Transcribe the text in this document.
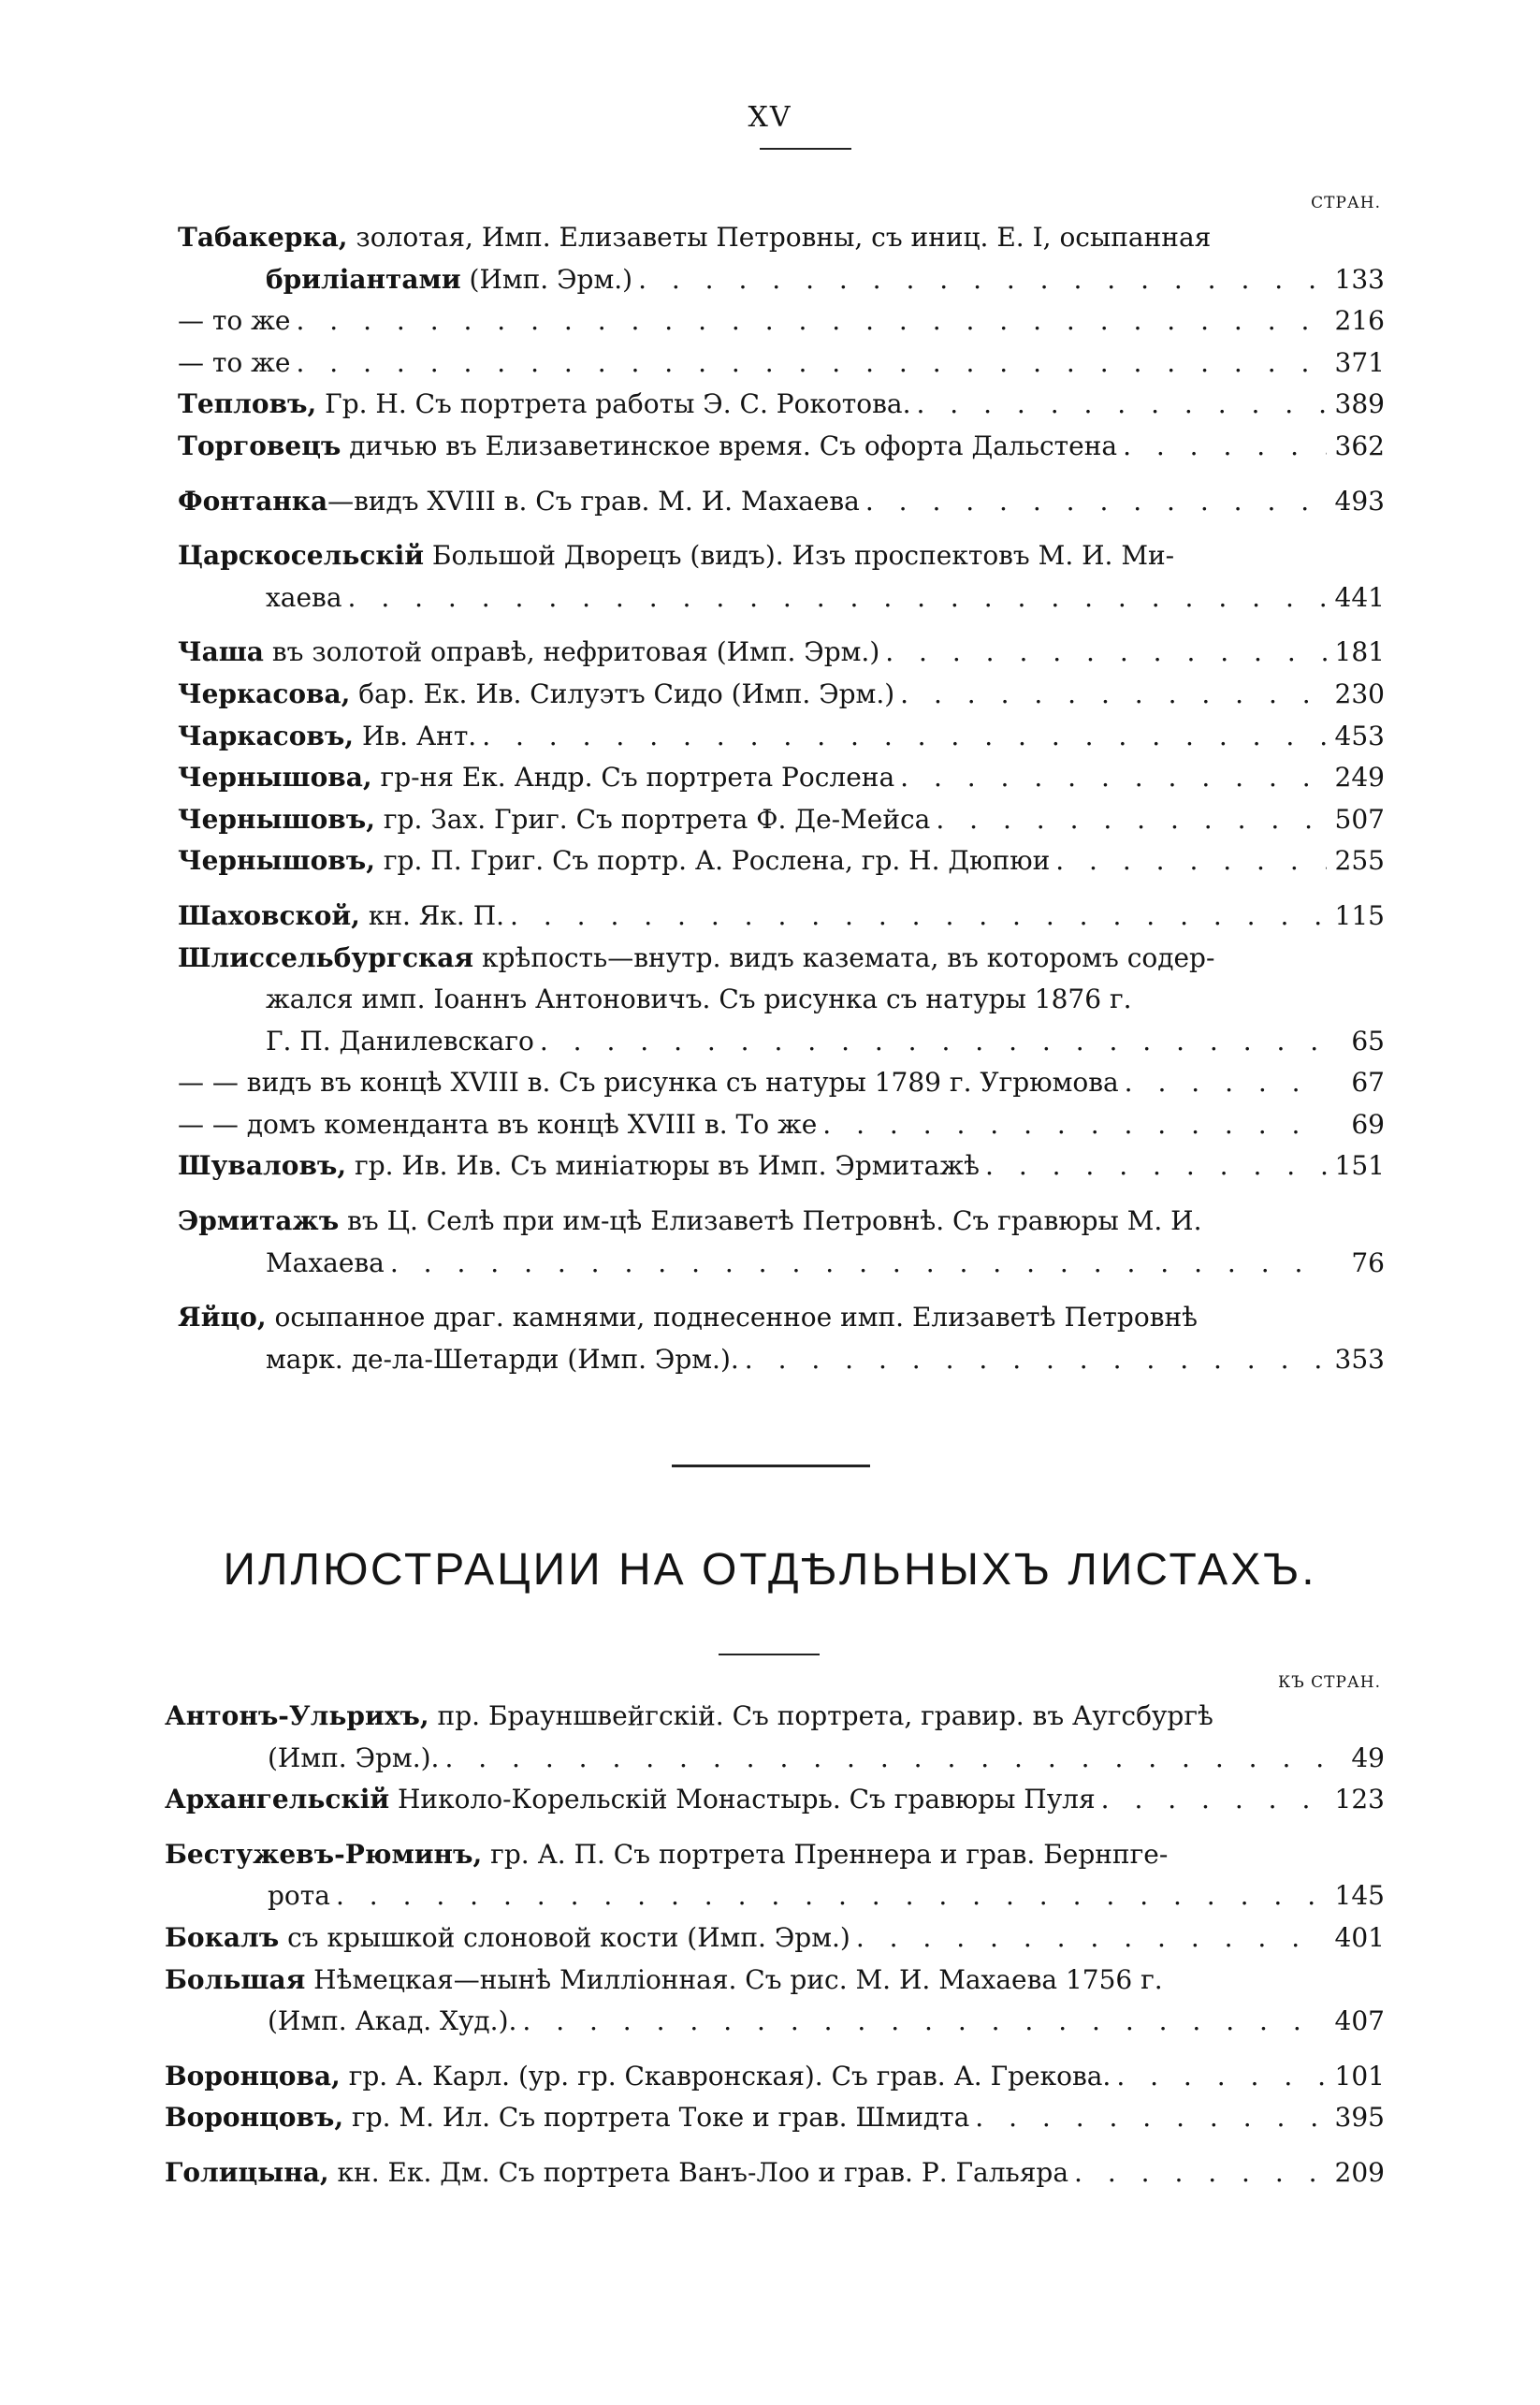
XV
СТРАН.
Табакерка, золотая, Имп. Елизаветы Петровны, съ иниц. Е. I, осыпанная
бриліантами (Имп. Эрм.) . . .	133
— то же . . .	216
— то же . . .	371
Тепловъ, Гр. Н. Съ портрета работы Э. С. Рокотова. . . .	389
Торговецъ дичью въ Елизаветинское время. Съ офорта Дальстена . . .	362
Фонтанка—видъ XVIII в. Съ грав. М. И. Махаева . . .	493
Царскосельскій Большой Дворецъ (видъ). Изъ проспектовъ М. И. Ми-
хаева . . .	441
Чаша въ золотой оправѣ, нефритовая (Имп. Эрм.) . . .	181
Черкасова, бар. Ек. Ив. Силуэтъ Сидо (Имп. Эрм.) . . .	230
Чаркасовъ, Ив. Ант. . . .	453
Чернышова, гр-ня Ек. Андр. Съ портрета Рослена . . .	249
Чернышовъ, гр. Зах. Григ. Съ портрета Ф. Де-Мейса . . .	507
Чернышовъ, гр. П. Григ. Съ портр. А. Рослена, гр. Н. Дюпюи . . .	255
Шаховской, кн. Як. П. . . .	115
Шлиссельбургская крѣпость—внутр. видъ каземата, въ которомъ содер-
жался имп. Іоаннъ Антоновичъ. Съ рисунка съ натуры 1876 г.
Г. П. Данилевскаго . . .	65
— — видъ въ концѣ XVIII в. Съ рисунка съ натуры 1789 г. Угрюмова . . .	67
— — домъ коменданта въ концѣ XVIII в. То же . . .	69
Шуваловъ, гр. Ив. Ив. Съ миніатюры въ Имп. Эрмитажѣ . . .	151
Эрмитажъ въ Ц. Селѣ при им-цѣ Елизаветѣ Петровнѣ. Съ гравюры М. И.
Махаева . . .	76
Яйцо, осыпанное драг. камнями, поднесенное имп. Елизаветѣ Петровнѣ
марк. де-ла-Шетарди (Имп. Эрм.). . . .	353
ИЛЛЮСТРАЦИИ НА ОТДѢЛЬНЫХЪ ЛИСТАХЪ.
КЪ СТРАН.
Антонъ-Ульрихъ, пр. Брауншвейгскій. Съ портрета, гравир. въ Аугсбургѣ
(Имп. Эрм.). . . .	49
Архангельскій Николо-Корельскій Монастырь. Съ гравюры Пуля . . .	123
Бестужевъ-Рюминъ, гр. А. П. Съ портрета Преннера и грав. Бернпге-
рота . . .	145
Бокалъ съ крышкой слоновой кости (Имп. Эрм.) . . .	401
Большая Нѣмецкая—нынѣ Милліонная. Съ рис. М. И. Махаева 1756 г.
(Имп. Акад. Худ.). . . .	407
Воронцова, гр. А. Карл. (ур. гр. Скавронская). Съ грав. А. Грекова. . . .	101
Воронцовъ, гр. М. Ил. Съ портрета Токе и грав. Шмидта . . .	395
Голицына, кн. Ек. Дм. Съ портрета Ванъ-Лоо и грав. Р. Гальяра . . .	209
